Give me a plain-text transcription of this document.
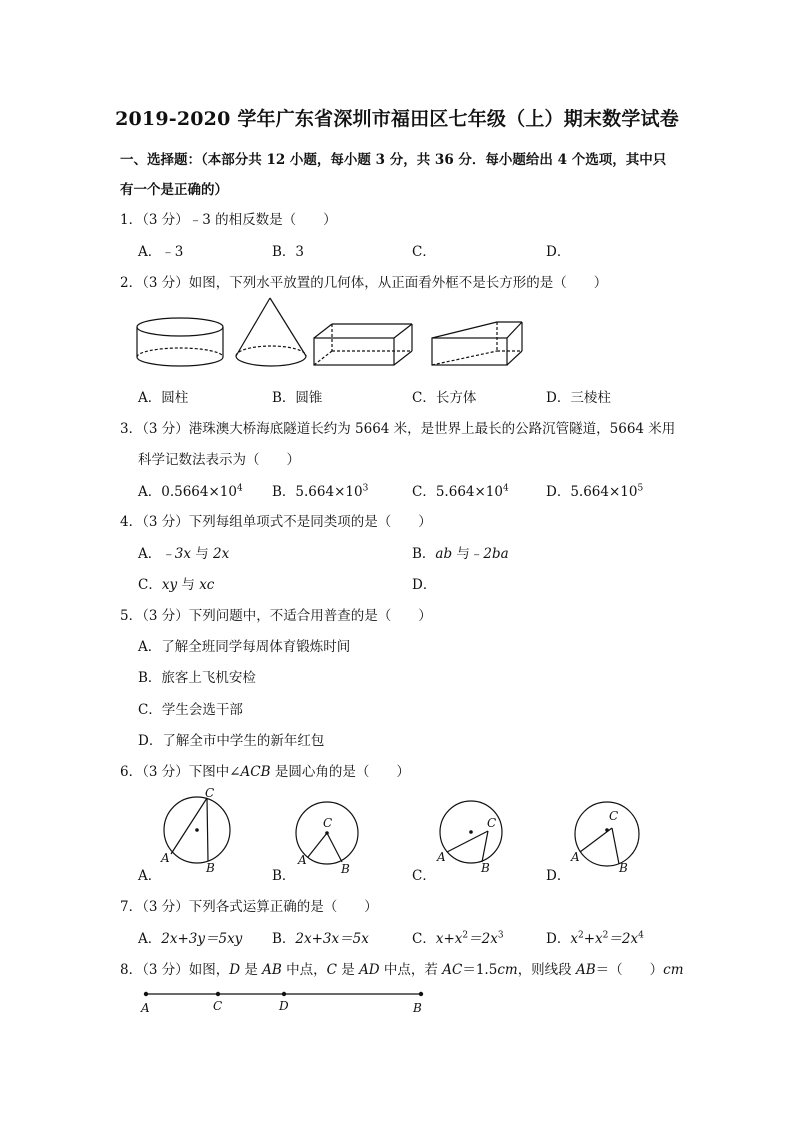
2019-2020 学年广东省深圳市福田区七年级（上）期末数学试卷
一、选择题：（本部分共 12 小题，每小题 3 分，共 36 分．每小题给出 4 个选项，其中只
有一个是正确的）
1．（3 分）﹣3 的相反数是（　　）
A．﹣3	B．3	C．	D．
2．（3 分）如图，下列水平放置的几何体，从正面看外框不是长方形的是（　　）
A．圆柱	B．圆锥	C．长方体	D．三棱柱
3．（3 分）港珠澳大桥海底隧道长约为 5664 米，是世界上最长的公路沉管隧道，5664 米用
科学记数法表示为（　　）
A．$0.5664\times 10^4$ B．$5.664\times 10^3$	C．$5.664\times 10^4$	D．$5.664\times 10^5$
4．（3 分）下列每组单项式不是同类项的是（　　）
A．﹣3x 与 2x	B．ab 与﹣2ba
C．xy 与 xc	D．
5．（3 分）下列问题中，不适合用普查的是（　　）
A．了解全班同学每周体育锻炼时间
B．旅客上飞机安检
C．学生会选干部
D．了解全市中学生的新年红包
6．（3 分）下图中∠ACB 是圆心角的是（　　）
C
A
B
C
A
B
C
A
B
C
A
B
A．	B．	C．	D．
7．（3 分）下列各式运算正确的是（　　）
A．2x+3y＝5xy B．2x+3x＝5x	C．$x+x^2=2x^3$	D．$x^2+x^2=2x^4$
8．（3 分）如图，D 是 AB 中点，C 是 AD 中点，若 AC＝1.5cm，则线段 AB＝（　　）cm
A	C	D	B
